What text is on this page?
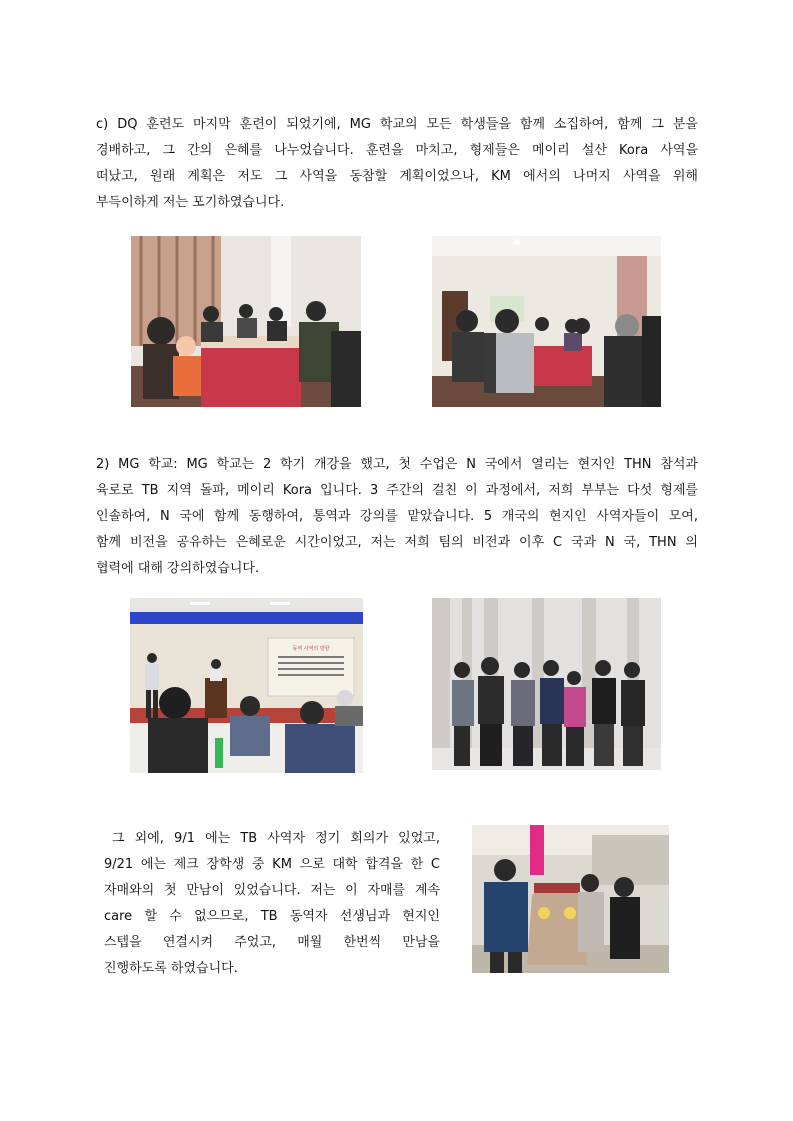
c) DQ 훈련도 마지막 훈련이 되었기에, MG 학교의 모든 학생들을 함께 소집하여, 함께 그 분을
경배하고, 그 간의 은혜를 나누었습니다. 훈련을 마치고, 형제들은 메이리 설산 Kora 사역을
떠났고, 원래 계획은 저도 그 사역을 동참할 계획이었으나, KM 에서의 나머지 사역을 위해
부득이하게 저는 포기하였습니다.
2) MG 학교: MG 학교는 2 학기 개강을 했고, 첫 수업은 N 국에서 열리는 현지인 THN 참석과
육로로 TB 지역 돌파, 메이리 Kora 입니다. 3 주간의 걸친 이 과정에서, 저희 부부는 다섯 형제를
인솔하여, N 국에 함께 동행하여, 통역과 강의를 맡았습니다. 5 개국의 현지인 사역자들이 모여,
함께 비전을 공유하는 은혜로운 시간이었고, 저는 저희 팀의 비전과 이후 C 국과 N 국, THN 의
협력에 대해 강의하였습니다.
동역 사역의 방향
그 외에, 9/1 에는 TB 사역자 정기 회의가 있었고,
9/21 에는 제크 장학생 중 KM 으로 대학 합격을 한 C
자매와의 첫 만남이 있었습니다. 저는 이 자매를 계속
care 할 수 없으므로, TB 동역자 선생님과 현지인
스텝을 연결시켜 주었고, 매월 한번씩 만남을
진행하도록 하였습니다.
